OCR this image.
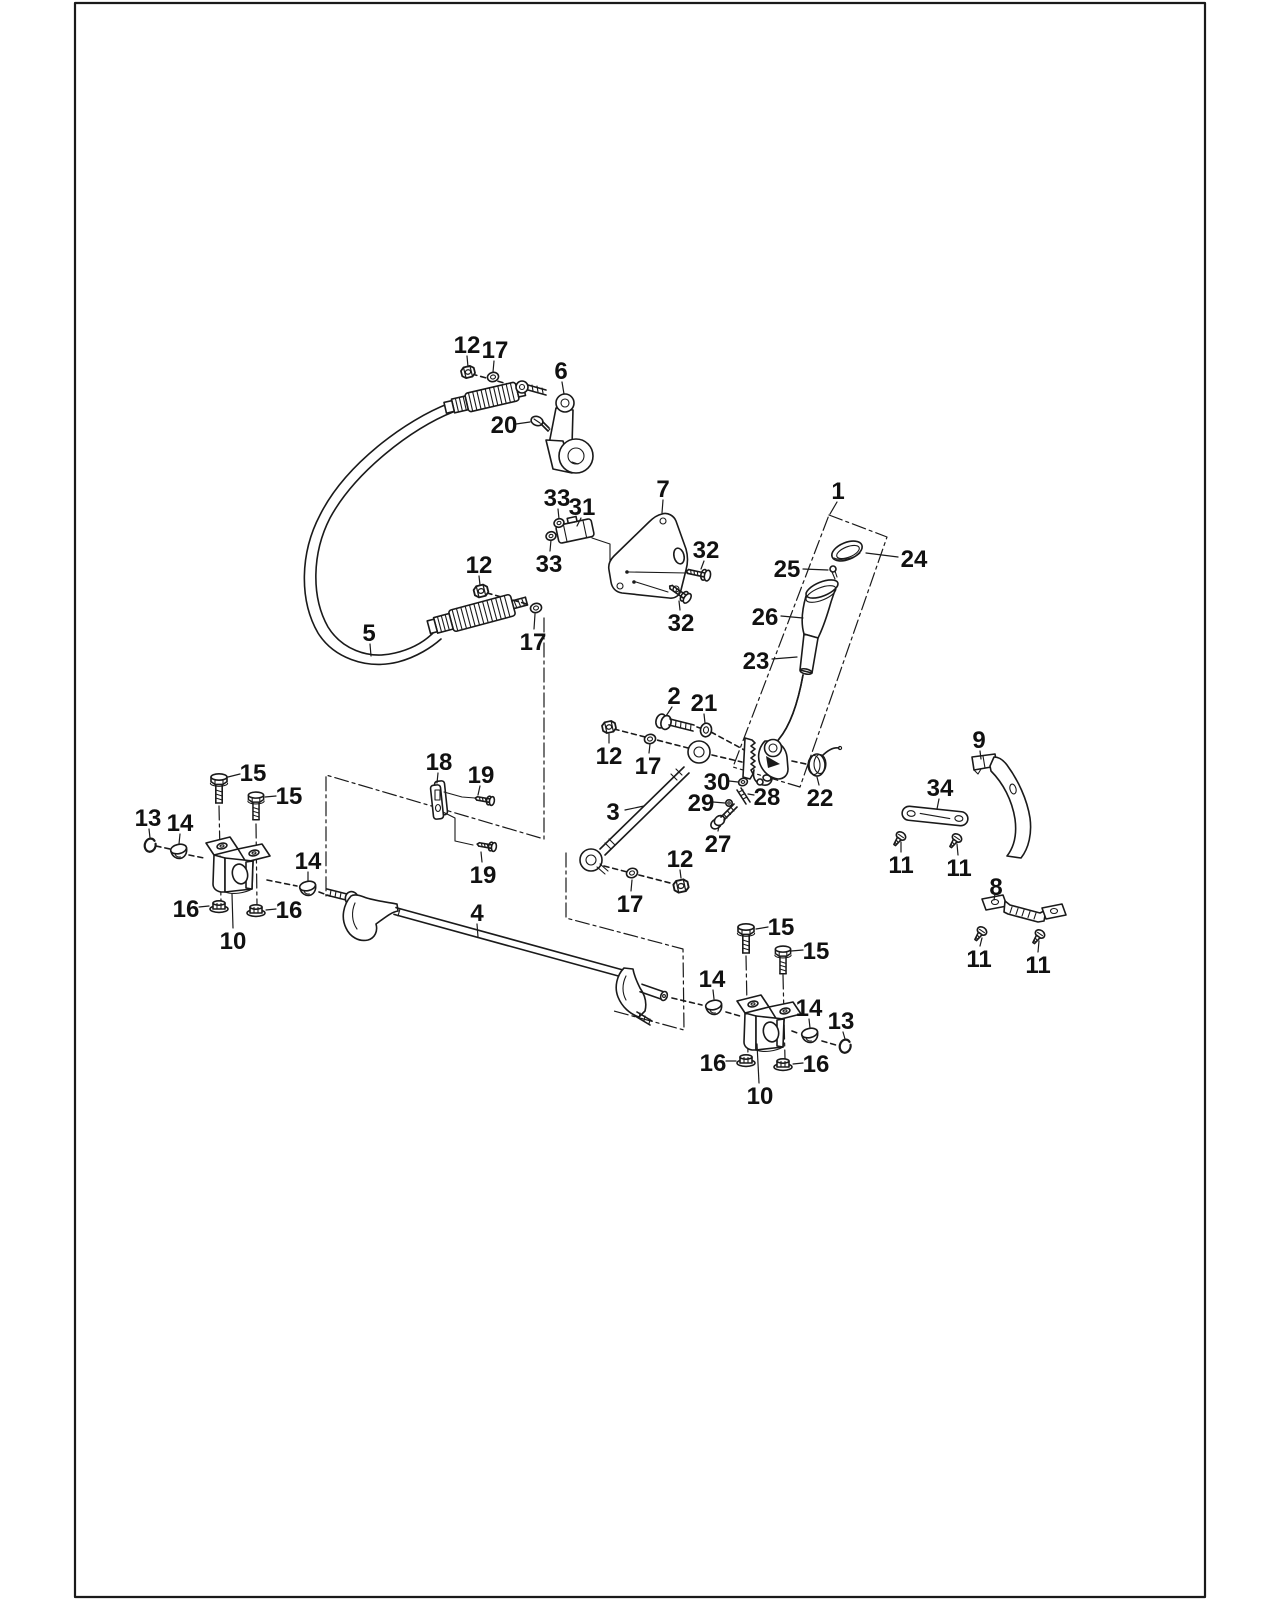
12 17
6
20
33
31
7
33
12
32
5	17
32
1
24
25
26
23
2 21
12 17
9
3
30
28
29	22
27
34
18 19
15
15
13 14
16	16
10
14
19
4	17
12
15
15
14
14 13
16	16
10
11 11
8
11 11
